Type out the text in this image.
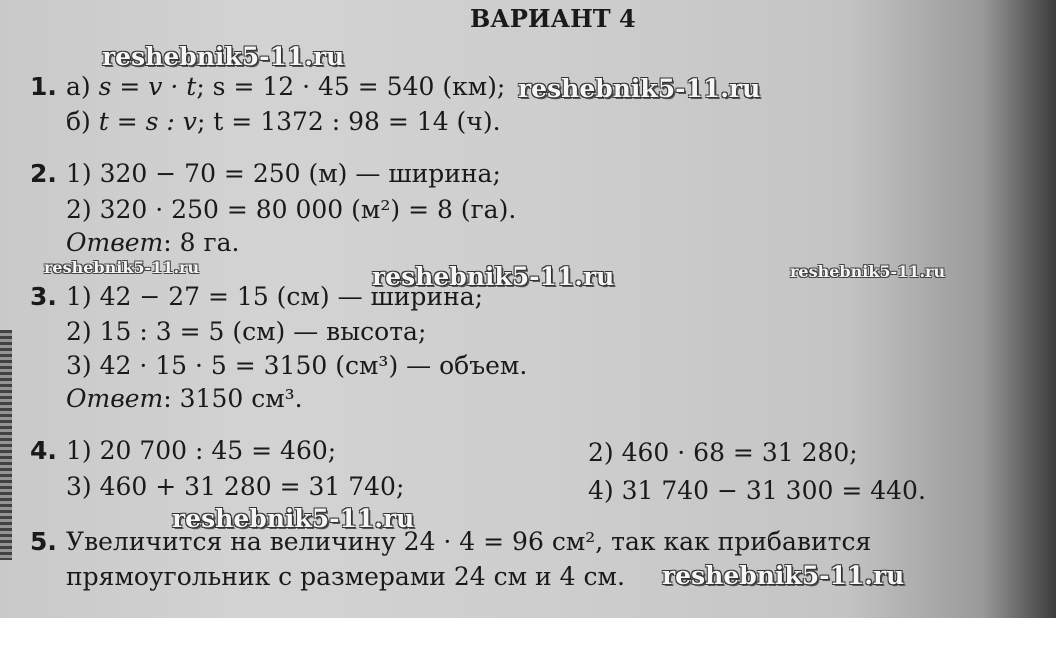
ВАРИАНТ 4
reshebnik5-11.ru
reshebnik5-11.ru
reshebnik5-11.ru	reshebnik5-11.ru	reshebnik5-11.ru
reshebnik5-11.ru
reshebnik5-11.ru
1. а) s = v · t; s = 12 · 45 = 540 (км);
б) t = s : v; t = 1372 : 98 = 14 (ч).
2. 1) 320 − 70 = 250 (м) — ширина;
2) 320 · 250 = 80 000 (м²) = 8 (га).
Ответ: 8 га.
3. 1) 42 − 27 = 15 (см) — ширина;
2) 15 : 3 = 5 (см) — высота;
3) 42 · 15 · 5 = 3150 (см³) — объем.
Ответ: 3150 см³.
4. 1) 20 700 : 45 = 460;	2) 460 · 68 = 31 280;
3) 460 + 31 280 = 31 740;	4) 31 740 − 31 300 = 440.
5. Увеличится на величину 24 · 4 = 96 см², так как прибавится
прямоугольник с размерами 24 см и 4 см.
